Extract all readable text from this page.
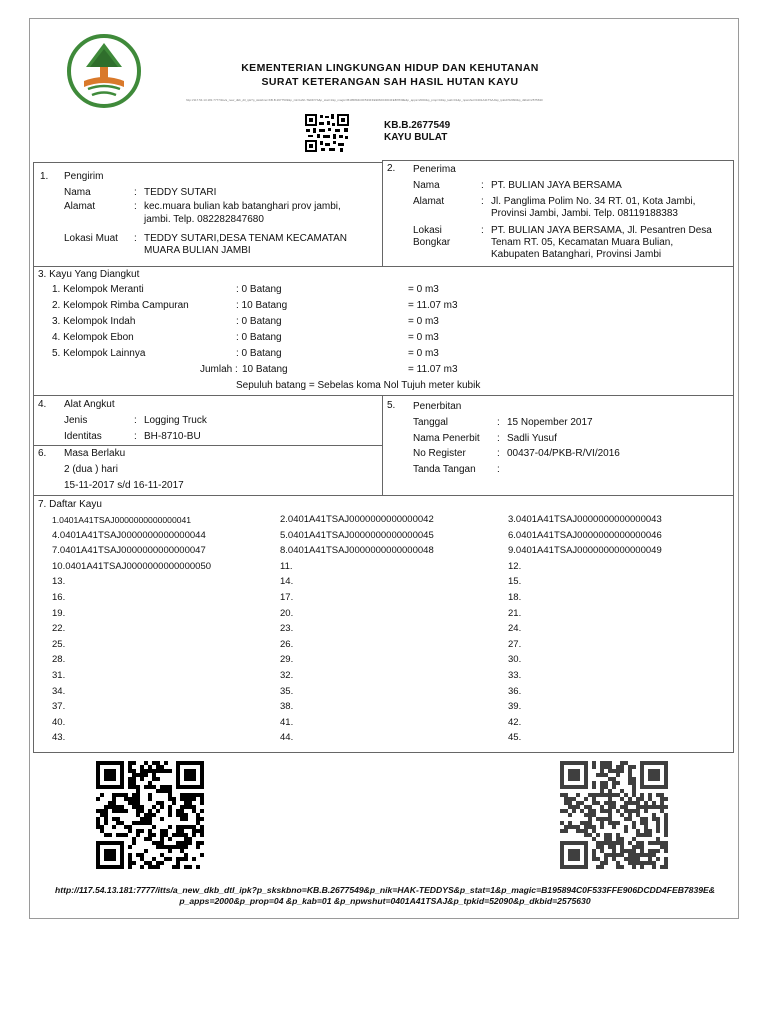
KEMENTERIAN LINGKUNGAN HIDUP DAN KEHUTANAN
SURAT KETERANGAN SAH HASIL HUTAN KAYU
http://117.54.13.181:7777/itts/a_new_dkb_dtl_ipk?p_skskbno=KB.B.2677549&p_nik=HAK-TEDDYS&p_stat=1&p_magic=B195894C0F533FFE906DCDD4FEB7839E&p_apps=2000&p_prop=04&p_kab=01&p_npwshut=0401A41TSAJ&p_tpkid=52090&p_dkbid=2575630
KB.B.2677549
KAYU BULAT
1. Pengirim
Nama	: TEDDY SUTARI
Alamat	: kec.muara bulian kab batanghari prov jambi,
jambi. Telp. 082282847680
Lokasi Muat : TEDDY SUTARI,DESA TENAM KECAMATAN
MUARA BULIAN JAMBI
2. Penerima
Nama	: PT. BULIAN JAYA BERSAMA
Alamat	: Jl. Panglima Polim No. 34 RT. 01, Kota Jambi,
Provinsi Jambi, Jambi. Telp. 08119188383
Lokasi
Bongkar
: PT. BULIAN JAYA BERSAMA, Jl. Pesantren Desa
Tenam RT. 05, Kecamatan Muara Bulian,
Kabupaten Batanghari, Provinsi Jambi
3. Kayu Yang Diangkut
1. Kelompok Meranti	: 0 Batang	= 0 m3
2. Kelompok Rimba Campuran	: 10 Batang	= 11.07 m3
3. Kelompok Indah	: 0 Batang	= 0 m3
4. Kelompok Ebon	: 0 Batang	= 0 m3
5. Kelompok Lainnya	: 0 Batang	= 0 m3
Jumlah : 10 Batang	= 11.07 m3
Sepuluh batang = Sebelas koma Nol Tujuh meter kubik
4. Alat Angkut
Jenis	: Logging Truck
Identitas	: BH-8710-BU
5. Penerbitan
Tanggal	: 15 Nopember 2017
Nama Penerbit : Sadli Yusuf
No Register	: 00437-04/PKB-R/VI/2016
Tanda Tangan :
6. Masa Berlaku
2 (dua ) hari
15-11-2017 s/d 16-11-2017
7. Daftar Kayu
1.0401A41TSAJ0000000000000041	2.0401A41TSAJ0000000000000042	3.0401A41TSAJ0000000000000043
4.0401A41TSAJ0000000000000044	5.0401A41TSAJ0000000000000045	6.0401A41TSAJ0000000000000046
7.0401A41TSAJ0000000000000047	8.0401A41TSAJ0000000000000048	9.0401A41TSAJ0000000000000049
10.0401A41TSAJ0000000000000050	11.	12.
13.	14.	15.
16.	17.	18.
19.	20.	21.
22.	23.	24.
25.	26.	27.
28.	29.	30.
31.	32.	33.
34.	35.	36.
37.	38.	39.
40.	41.	42.
43.	44.	45.
http://117.54.13.181:7777/itts/a_new_dkb_dtl_ipk?p_skskbno=KB.B.2677549&p_nik=HAK-TEDDYS&p_stat=1&p_magic=B195894C0F533FFE906DCDD4FEB7839E&
p_apps=2000&p_prop=04 &p_kab=01 &p_npwshut=0401A41TSAJ&p_tpkid=52090&p_dkbid=2575630
